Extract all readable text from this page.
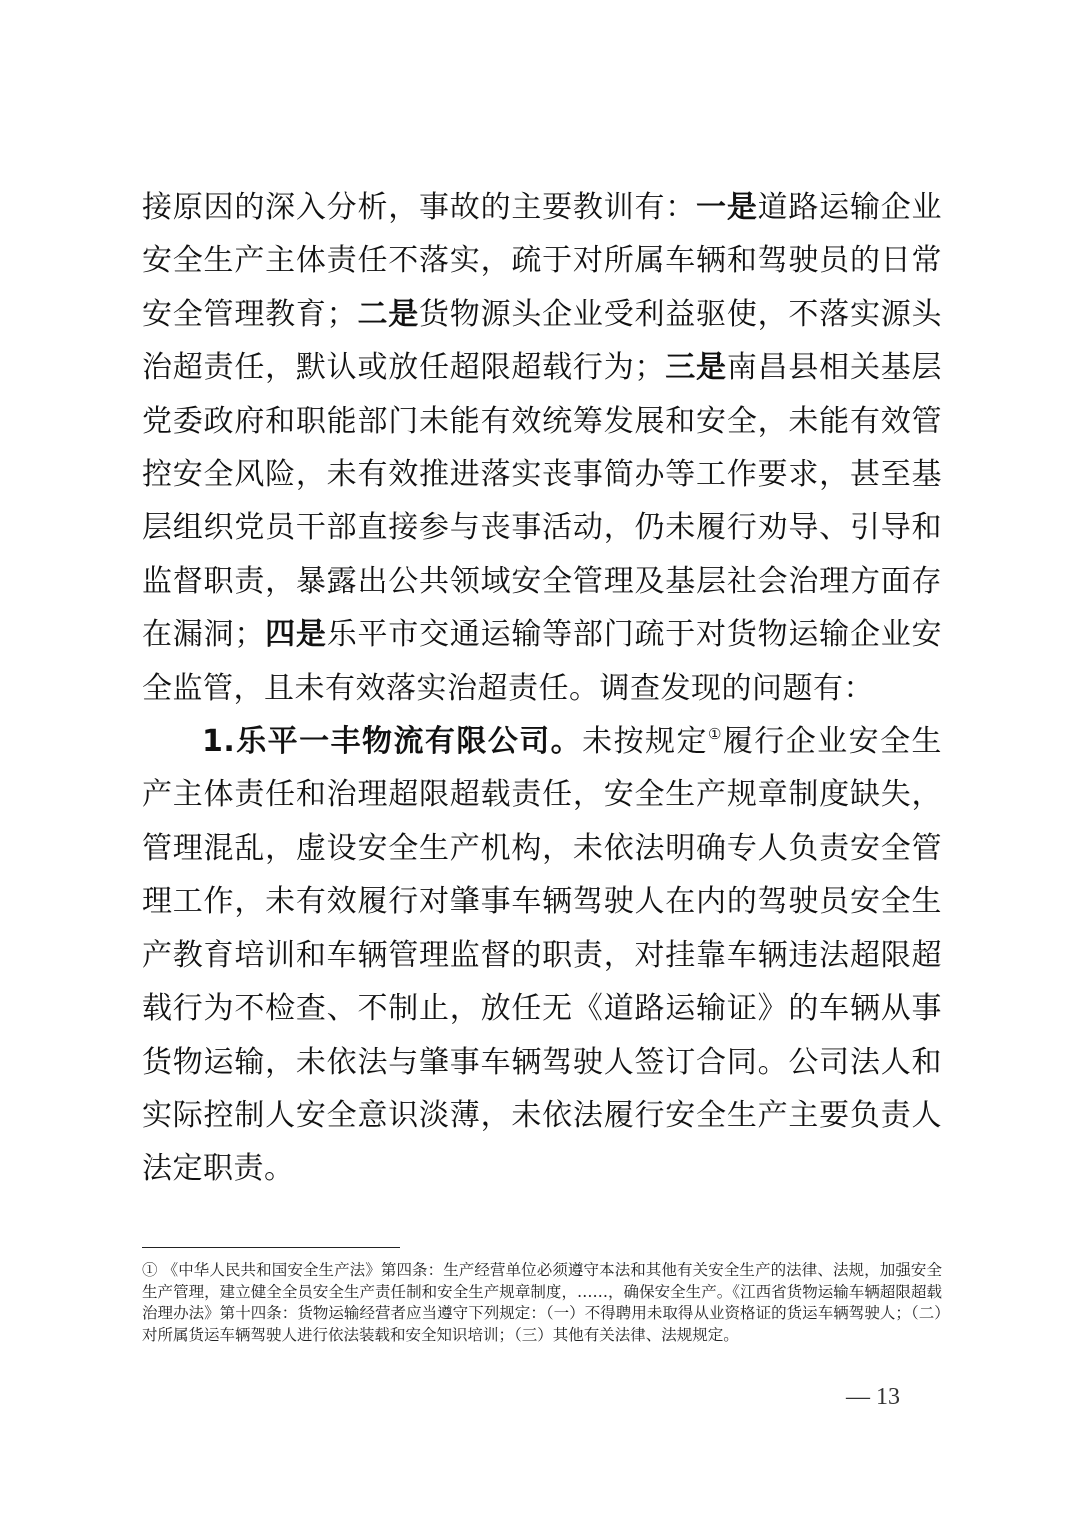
接原因的深入分析，事故的主要教训有：一是道路运输企业安全生产主体责任不落实，疏于对所属车辆和驾驶员的日常安全管理教育；二是货物源头企业受利益驱使，不落实源头治超责任，默认或放任超限超载行为；三是南昌县相关基层党委政府和职能部门未能有效统筹发展和安全，未能有效管控安全风险，未有效推进落实丧事简办等工作要求，甚至基层组织党员干部直接参与丧事活动，仍未履行劝导、引导和监督职责，暴露出公共领域安全管理及基层社会治理方面存在漏洞；四是乐平市交通运输等部门疏于对货物运输企业安全监管，且未有效落实治超责任。调查发现的问题有：

1.乐平一丰物流有限公司。未按规定①履行企业安全生产主体责任和治理超限超载责任，安全生产规章制度缺失，管理混乱，虚设安全生产机构，未依法明确专人负责安全管理工作，未有效履行对肇事车辆驾驶人在内的驾驶员安全生产教育培训和车辆管理监督的职责，对挂靠车辆违法超限超载行为不检查、不制止，放任无《道路运输证》的车辆从事货物运输，未依法与肇事车辆驾驶人签订合同。公司法人和实际控制人安全意识淡薄，未依法履行安全生产主要负责人法定职责。

① 《中华人民共和国安全生产法》第四条：生产经营单位必须遵守本法和其他有关安全生产的法律、法规，加强安全生产管理，建立健全全员安全生产责任制和安全生产规章制度，……，确保安全生产。《江西省货物运输车辆超限超载治理办法》第十四条：货物运输经营者应当遵守下列规定：（一）不得聘用未取得从业资格证的货运车辆驾驶人；（二）对所属货运车辆驾驶人进行依法装载和安全知识培训；（三）其他有关法律、法规规定。
— 13
